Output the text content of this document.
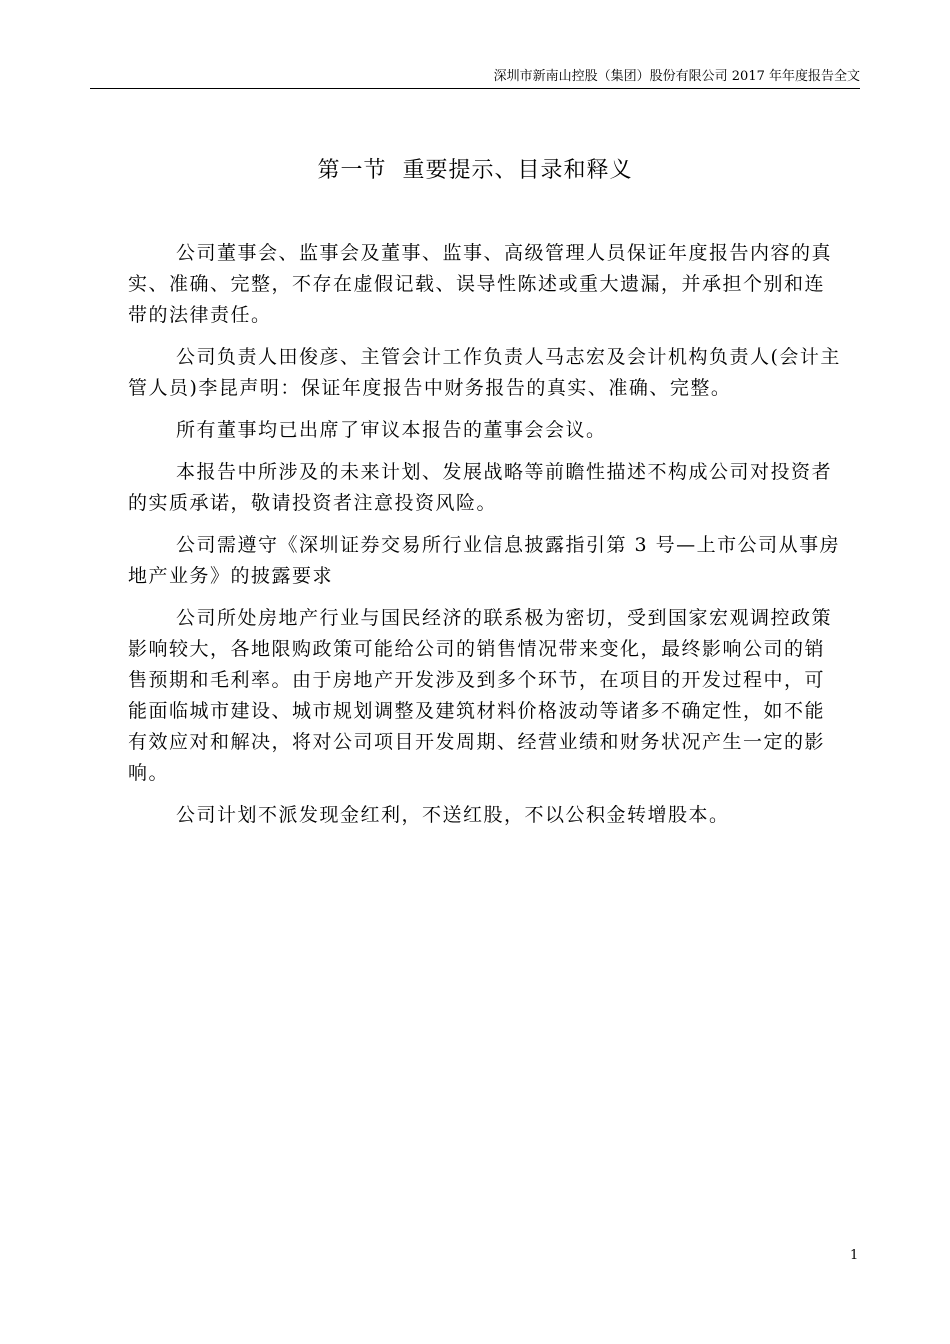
深圳市新南山控股（集团）股份有限公司 2017 年年度报告全文
第一节  重要提示、目录和释义

公司董事会、监事会及董事、监事、高级管理人员保证年度报告内容的真
实、准确、完整，不存在虚假记载、误导性陈述或重大遗漏，并承担个别和连
带的法律责任。

公司负责人田俊彦、主管会计工作负责人马志宏及会计机构负责人(会计主
管人员)李昆声明：保证年度报告中财务报告的真实、准确、完整。

所有董事均已出席了审议本报告的董事会会议。

本报告中所涉及的未来计划、发展战略等前瞻性描述不构成公司对投资者
的实质承诺，敬请投资者注意投资风险。

公司需遵守《深圳证券交易所行业信息披露指引第 3 号—上市公司从事房
地产业务》的披露要求

公司所处房地产行业与国民经济的联系极为密切，受到国家宏观调控政策
影响较大，各地限购政策可能给公司的销售情况带来变化，最终影响公司的销
售预期和毛利率。由于房地产开发涉及到多个环节，在项目的开发过程中，可
能面临城市建设、城市规划调整及建筑材料价格波动等诸多不确定性，如不能
有效应对和解决，将对公司项目开发周期、经营业绩和财务状况产生一定的影
响。

公司计划不派发现金红利，不送红股，不以公积金转增股本。

1
